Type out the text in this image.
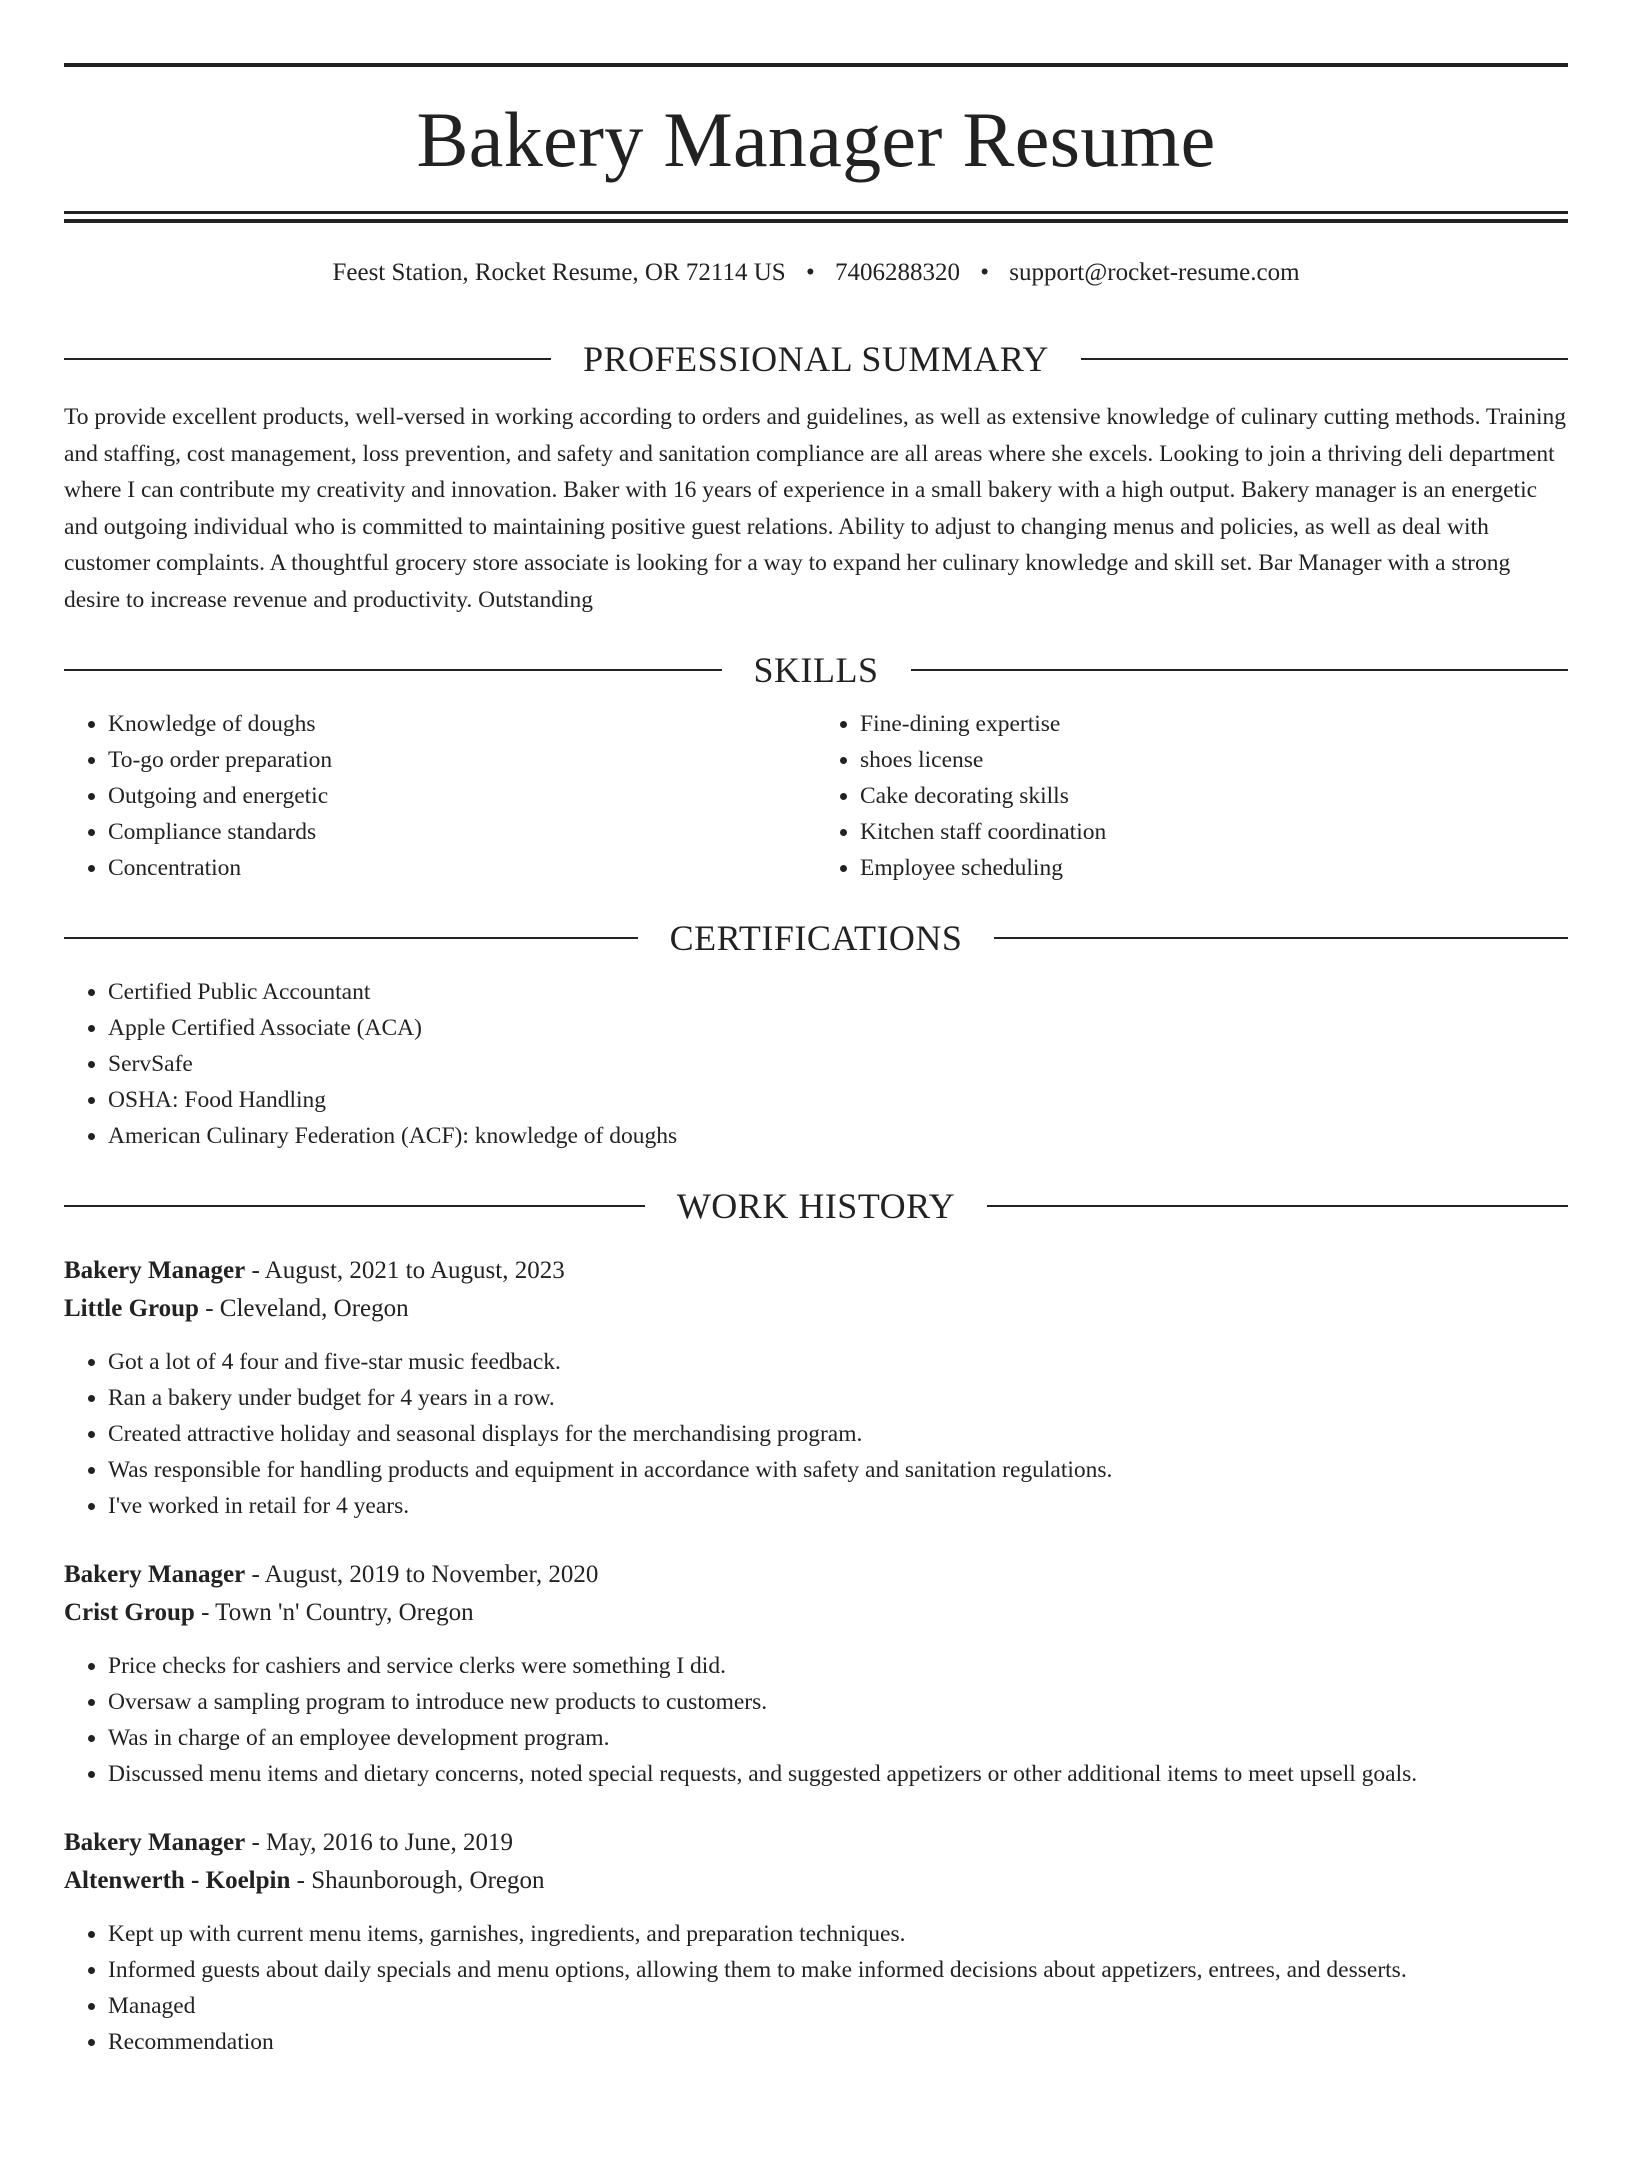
Bakery Manager Resume
Feest Station, Rocket Resume, OR 72114 US • 7406288320 • support@rocket-resume.com
PROFESSIONAL SUMMARY

To provide excellent products, well-versed in working according to orders and guidelines, as well as extensive knowledge of culinary cutting methods. Training and staffing, cost management, loss prevention, and safety and sanitation compliance are all areas where she excels. Looking to join a thriving deli department where I can contribute my creativity and innovation. Baker with 16 years of experience in a small bakery with a high output. Bakery manager is an energetic and outgoing individual who is committed to maintaining positive guest relations. Ability to adjust to changing menus and policies, as well as deal with customer complaints. A thoughtful grocery store associate is looking for a way to expand her culinary knowledge and skill set. Bar Manager with a strong desire to increase revenue and productivity. Outstanding

SKILLS
• Knowledge of doughs
• To-go order preparation
• Outgoing and energetic
• Compliance standards
• Concentration
• Fine-dining expertise
• shoes license
• Cake decorating skills
• Kitchen staff coordination
• Employee scheduling
CERTIFICATIONS
• Certified Public Accountant
• Apple Certified Associate (ACA)
• ServSafe
• OSHA: Food Handling
• American Culinary Federation (ACF): knowledge of doughs
WORK HISTORY
Bakery Manager - August, 2021 to August, 2023
Little Group - Cleveland, Oregon
• Got a lot of 4 four and five-star music feedback.
• Ran a bakery under budget for 4 years in a row.
• Created attractive holiday and seasonal displays for the merchandising program.
• Was responsible for handling products and equipment in accordance with safety and sanitation regulations.
• I've worked in retail for 4 years.
Bakery Manager - August, 2019 to November, 2020
Crist Group - Town 'n' Country, Oregon
• Price checks for cashiers and service clerks were something I did.
• Oversaw a sampling program to introduce new products to customers.
• Was in charge of an employee development program.
• Discussed menu items and dietary concerns, noted special requests, and suggested appetizers or other additional items to meet upsell goals.
Bakery Manager - May, 2016 to June, 2019
Altenwerth - Koelpin - Shaunborough, Oregon
• Kept up with current menu items, garnishes, ingredients, and preparation techniques.
• Informed guests about daily specials and menu options, allowing them to make informed decisions about appetizers, entrees, and desserts.
• Managed
• Recommendation
